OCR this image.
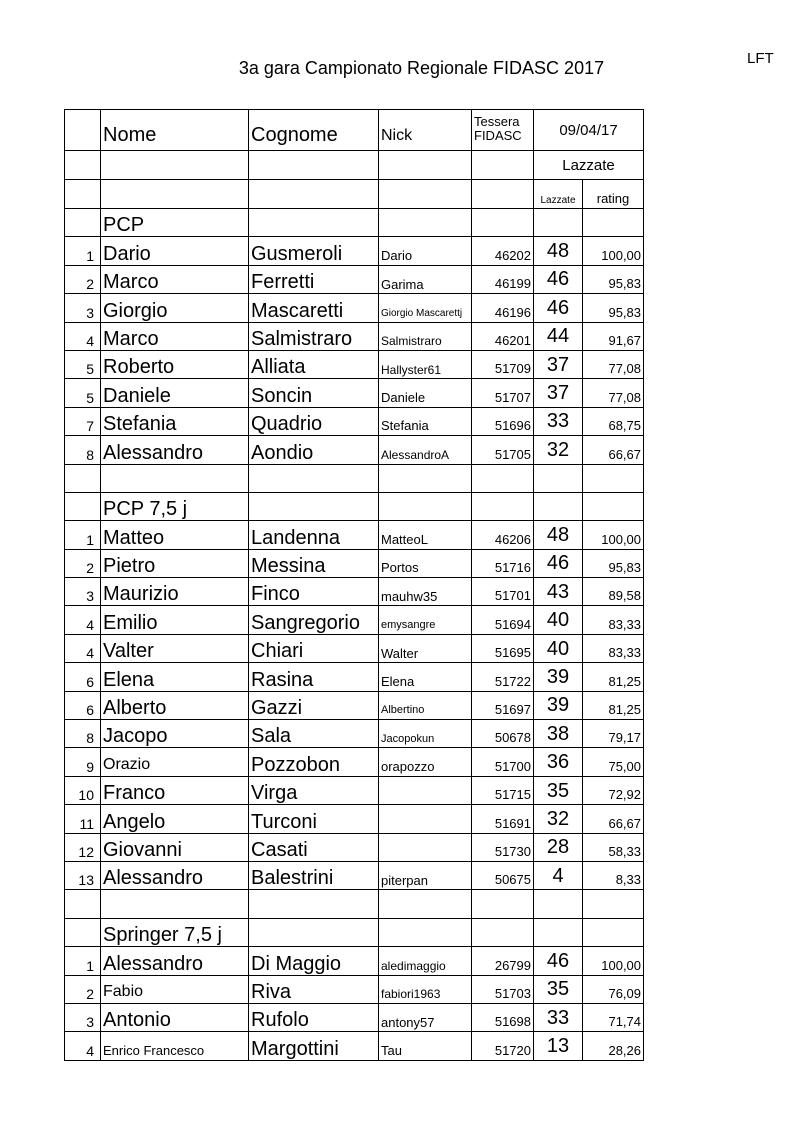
3a gara Campionato Regionale FIDASC 2017	LFT
	Nome	Cognome	Nick	Tessera FIDASC	09/04/17	
					Lazzate	
					Lazzate	rating
	PCP					
1	Dario	Gusmeroli	Dario	46202	48	100,00
2	Marco	Ferretti	Garima	46199	46	95,83
3	Giorgio	Mascaretti	Giorgio Mascarettj	46196	46	95,83
4	Marco	Salmistraro	Salmistraro	46201	44	91,67
5	Roberto	Alliata	Hallyster61	51709	37	77,08
5	Daniele	Soncin	Daniele	51707	37	77,08
7	Stefania	Quadrio	Stefania	51696	33	68,75
8	Alessandro	Aondio	AlessandroA	51705	32	66,67

	PCP 7,5 j					
1	Matteo	Landenna	MatteoL	46206	48	100,00
2	Pietro	Messina	Portos	51716	46	95,83
3	Maurizio	Finco	mauhw35	51701	43	89,58
4	Emilio	Sangregorio	emysangre	51694	40	83,33
4	Valter	Chiari	Walter	51695	40	83,33
6	Elena	Rasina	Elena	51722	39	81,25
6	Alberto	Gazzi	Albertino	51697	39	81,25
8	Jacopo	Sala	Jacopokun	50678	38	79,17
9	Orazio	Pozzobon	orapozzo	51700	36	75,00
10	Franco	Virga		51715	35	72,92
11	Angelo	Turconi		51691	32	66,67
12	Giovanni	Casati		51730	28	58,33
13	Alessandro	Balestrini	piterpan	50675	4	8,33

	Springer 7,5 j					
1	Alessandro	Di Maggio	aledimaggio	26799	46	100,00
2	Fabio	Riva	fabiori1963	51703	35	76,09
3	Antonio	Rufolo	antony57	51698	33	71,74
4	Enrico Francesco	Margottini	Tau	51720	13	28,26
